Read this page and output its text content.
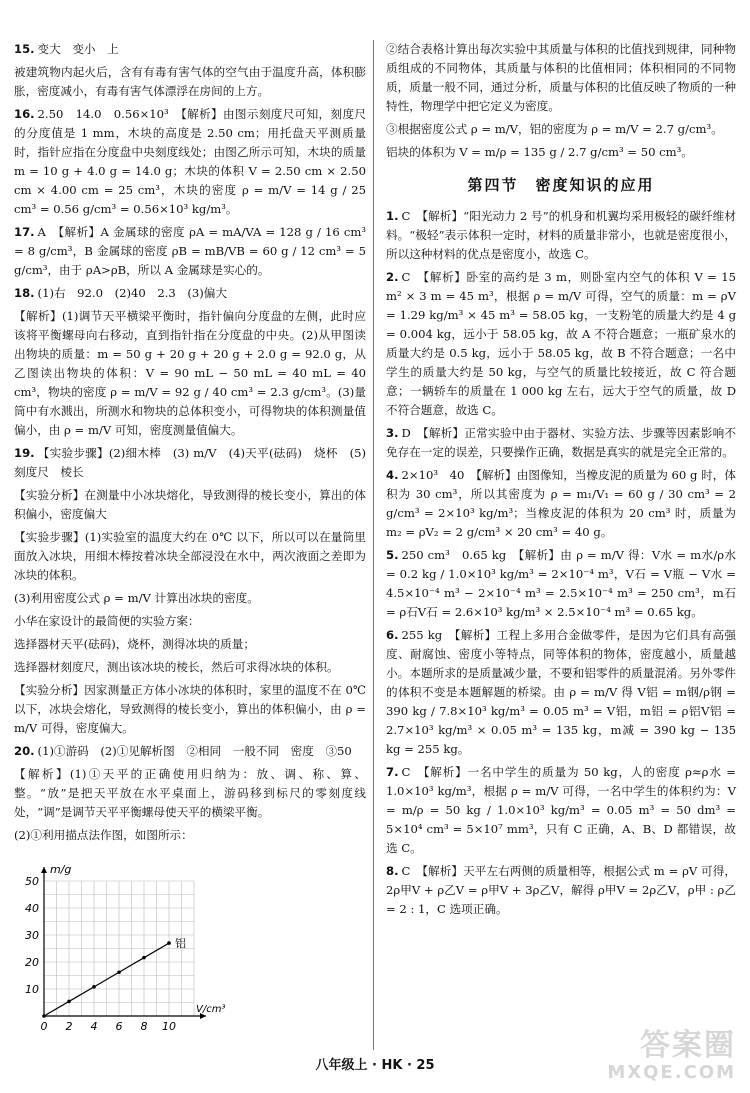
15. 变大　变小　上
被建筑物内起火后，含有有毒有害气体的空气由于温度升高，体积膨胀，密度减小，有毒有害气体漂浮在房间的上方。
16. 2.50　14.0　0.56×10³　【解析】由图示刻度尺可知，刻度尺的分度值是 1 mm，木块的高度是 2.50 cm；用托盘天平测质量时，指针应指在分度盘中央刻度线处；由图乙所示可知，木块的质量 m = 10 g + 4.0 g = 14.0 g；木块的体积 V = 2.50 cm × 2.50 cm × 4.00 cm = 25 cm³，木块的密度 ρ = m/V = 14 g / 25 cm³ = 0.56 g/cm³ = 0.56×10³ kg/m³。
17. A　【解析】A 金属球的密度 ρA = mA/VA = 128 g / 16 cm³ = 8 g/cm³，B 金属球的密度 ρB = mB/VB = 60 g / 12 cm³ = 5 g/cm³，由于 ρA>ρB，所以 A 金属球是实心的。
18. (1)右　92.0　(2)40　2.3　(3)偏大
【解析】(1)调节天平横梁平衡时，指针偏向分度盘的左侧，此时应该将平衡螺母向右移动，直到指针指在分度盘的中央。(2)从甲图读出物块的质量：m = 50 g + 20 g + 20 g + 2.0 g = 92.0 g，从乙图读出物块的体积：V = 90 mL − 50 mL = 40 mL = 40 cm³，物块的密度 ρ = m/V = 92 g / 40 cm³ = 2.3 g/cm³。(3)量筒中有水溅出，所测水和物块的总体积变小，可得物块的体积测量值偏小，由 ρ = m/V 可知，密度测量值偏大。
19. 【实验步骤】(2)细木棒　(3) m/V　(4)天平(砝码)　烧杯　(5)刻度尺　棱长
【实验分析】在测量中小冰块熔化，导致测得的棱长变小，算出的体积偏小，密度偏大
【实验步骤】(1)实验室的温度大约在 0℃ 以下，所以可以在量筒里面放入冰块，用细木棒按着冰块全部浸没在水中，两次液面之差即为冰块的体积。
(3)利用密度公式 ρ = m/V 计算出冰块的密度。
小华在家设计的最简便的实验方案：
选择器材天平(砝码)，烧杯，测得冰块的质量；
选择器材刻度尺，测出该冰块的棱长，然后可求得冰块的体积。
【实验分析】因家测量正方体小冰块的体积时，家里的温度不在 0℃ 以下，冰块会熔化，导致测得的棱长变小，算出的体积偏小，由 ρ = m/V 可得，密度偏大。
20. (1)①游码　(2)①见解析图　②相同　一般不同　密度　③50
【解析】(1)①天平的正确使用归纳为：放、调、称、算、整。“放”是把天平放在水平桌面上，游码移到标尺的零刻度线处，“调”是调节天平平衡螺母使天平的横梁平衡。
(2)①利用描点法作图，如图所示：
0 2 4 6 8 10
10
20
30
40
50
m/g
V/cm³
铝
②结合表格计算出每次实验中其质量与体积的比值找到规律，同种物质组成的不同物体，其质量与体积的比值相同；体积相同的不同物质，质量一般不同，通过分析，质量与体积的比值反映了物质的一种特性，物理学中把它定义为密度。
③根据密度公式 ρ = m/V，铝的密度为 ρ = m/V = 2.7 g/cm³。
铝块的体积为 V = m/ρ = 135 g / 2.7 g/cm³ = 50 cm³。
第四节　密度知识的应用
1. C　【解析】“阳光动力 2 号”的机身和机翼均采用极轻的碳纤维材料。“极轻”表示体积一定时，材料的质量非常小，也就是密度很小，所以这种材料的优点是密度小，故选 C。
2. C　【解析】卧室的高约是 3 m，则卧室内空气的体积 V = 15 m² × 3 m = 45 m³，根据 ρ = m/V 可得，空气的质量：m = ρV = 1.29 kg/m³ × 45 m³ = 58.05 kg，一支粉笔的质量大约是 4 g = 0.004 kg，远小于 58.05 kg，故 A 不符合题意；一瓶矿泉水的质量大约是 0.5 kg，远小于 58.05 kg，故 B 不符合题意；一名中学生的质量大约是 50 kg，与空气的质量比较接近，故 C 符合题意；一辆轿车的质量在 1 000 kg 左右，远大于空气的质量，故 D 不符合题意，故选 C。
3. D　【解析】正常实验中由于器材、实验方法、步骤等因素影响不免存在一定的误差，只要操作正确，数据是真实的就是完全正常的。
4. 2×10³　40　【解析】由图像知，当橡皮泥的质量为 60 g 时，体积为 30 cm³，所以其密度为 ρ = m₁/V₁ = 60 g / 30 cm³ = 2 g/cm³ = 2×10³ kg/m³；当橡皮泥的体积为 20 cm³ 时，质量为 m₂ = ρV₂ = 2 g/cm³ × 20 cm³ = 40 g。
5. 250 cm³　0.65 kg　【解析】由 ρ = m/V 得：V水 = m水/ρ水 = 0.2 kg / 1.0×10³ kg/m³ = 2×10⁻⁴ m³，V石 = V瓶 − V水 = 4.5×10⁻⁴ m³ − 2×10⁻⁴ m³ = 2.5×10⁻⁴ m³ = 250 cm³，m石 = ρ石V石 = 2.6×10³ kg/m³ × 2.5×10⁻⁴ m³ = 0.65 kg。
6. 255 kg　【解析】工程上多用合金做零件，是因为它们具有高强度、耐腐蚀、密度小等特点，同等体积的物体，密度越小，质量越小。本题所求的是质量减少量，不要和铝零件的质量混淆。另外零件的体积不变是本题解题的桥梁。由 ρ = m/V 得 V铝 = m钢/ρ钢 = 390 kg / 7.8×10³ kg/m³ = 0.05 m³ = V铝，m铝 = ρ铝V铝 = 2.7×10³ kg/m³ × 0.05 m³ = 135 kg，m减 = 390 kg − 135 kg = 255 kg。
7. C　【解析】一名中学生的质量为 50 kg，人的密度 ρ≈ρ水 = 1.0×10³ kg/m³，根据 ρ = m/V 可得，一名中学生的体积约为：V = m/ρ = 50 kg / 1.0×10³ kg/m³ = 0.05 m³ = 50 dm³ = 5×10⁴ cm³ = 5×10⁷ mm³，只有 C 正确，A、B、D 都错误，故选 C。
8. C　【解析】天平左右两侧的质量相等，根据公式 m = ρV 可得，2ρ甲V + ρ乙V = ρ甲V + 3ρ乙V，解得 ρ甲V = 2ρ乙V，ρ甲 : ρ乙 = 2 : 1，C 选项正确。
八年级上 · HK · 25
答案圈
MXQE.COM
